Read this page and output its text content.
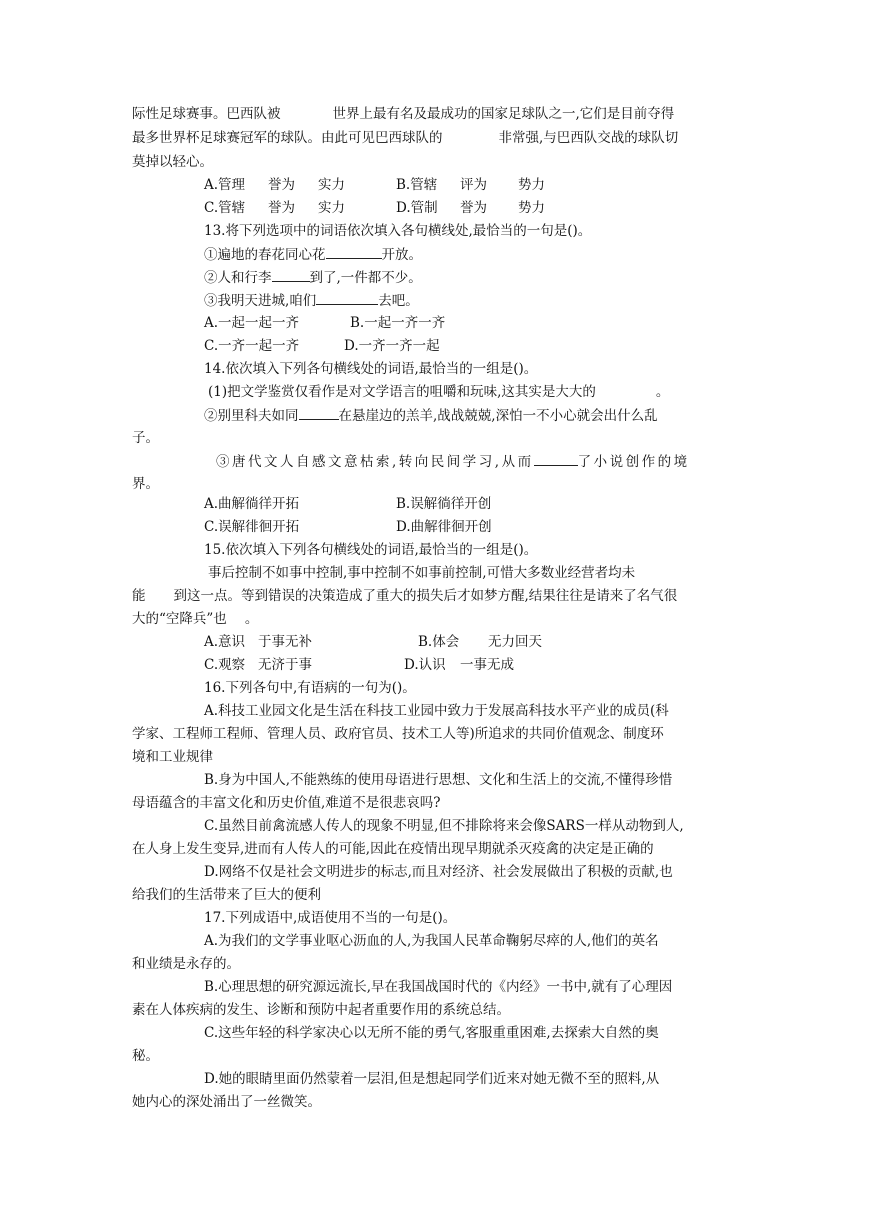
际性足球赛事。巴西队被	世界上最有名及最成功的国家足球队之一,它们是目前夺得
最多世界杯足球赛冠军的球队。由此可见巴西球队的	非常强,与巴西队交战的球队切
莫掉以轻心。
A.管理 誉为 实力	B.管辖 评为 势力
C.管辖 誉为 实力	D.管制 誉为 势力
13.将下列选项中的词语依次填入各句横线处,最恰当的一句是()。
①遍地的春花同心花	开放。
②人和行李	到了,一件都不少。
③我明天进城,咱们	去吧。
A.一起一起一齐	B.一起一齐一齐
C.一齐一起一齐	D.一齐一齐一起
14.依次填入下列各句横线处的词语,最恰当的一组是()。
(1)把文学鉴赏仅看作是对文学语言的咀嚼和玩味,这其实是大大的	。
②别里科夫如同	在悬崖边的羔羊,战战兢兢,深怕一不小心就会出什么乱
子。
③唐代文人自感文意枯索,转向民间学习,从而	了小说创作的境
界。
A.曲解徜徉开拓	B.误解徜徉开创
C.误解徘徊开拓	D.曲解徘徊开创
15.依次填入下列各句横线处的词语,最恰当的一组是()。
事后控制不如事中控制,事中控制不如事前控制,可惜大多数业经营者均未
能 到这一点。等到错误的决策造成了重大的损失后才如梦方醒,结果往往是请来了名气很
大的“空降兵”也 。
A.意识 于事无补	B.体会 无力回天
C.观察 无济于事	D.认识 一事无成
16.下列各句中,有语病的一句为()。
A.科技工业园文化是生活在科技工业园中致力于发展高科技水平产业的成员(科
学家、工程师工程师、管理人员、政府官员、技术工人等)所追求的共同价值观念、制度环
境和工业规律
B.身为中国人,不能熟练的使用母语进行思想、文化和生活上的交流,不懂得珍惜
母语蕴含的丰富文化和历史价值,难道不是很悲哀吗?
C.虽然目前禽流感人传人的现象不明显,但不排除将来会像SARS一样从动物到人,
在人身上发生变异,进而有人传人的可能,因此在疫情出现早期就杀灭疫禽的决定是正确的
D.网络不仅是社会文明进步的标志,而且对经济、社会发展做出了积极的贡献,也
给我们的生活带来了巨大的便利
17.下列成语中,成语使用不当的一句是()。
A.为我们的文学事业呕心沥血的人,为我国人民革命鞠躬尽瘁的人,他们的英名
和业绩是永存的。
B.心理思想的研究源远流长,早在我国战国时代的《内经》一书中,就有了心理因
素在人体疾病的发生、诊断和预防中起者重要作用的系统总结。
C.这些年轻的科学家决心以无所不能的勇气,客服重重困难,去探索大自然的奥
秘。
D.她的眼睛里面仍然蒙着一层泪,但是想起同学们近来对她无微不至的照料,从
她内心的深处涌出了一丝微笑。
